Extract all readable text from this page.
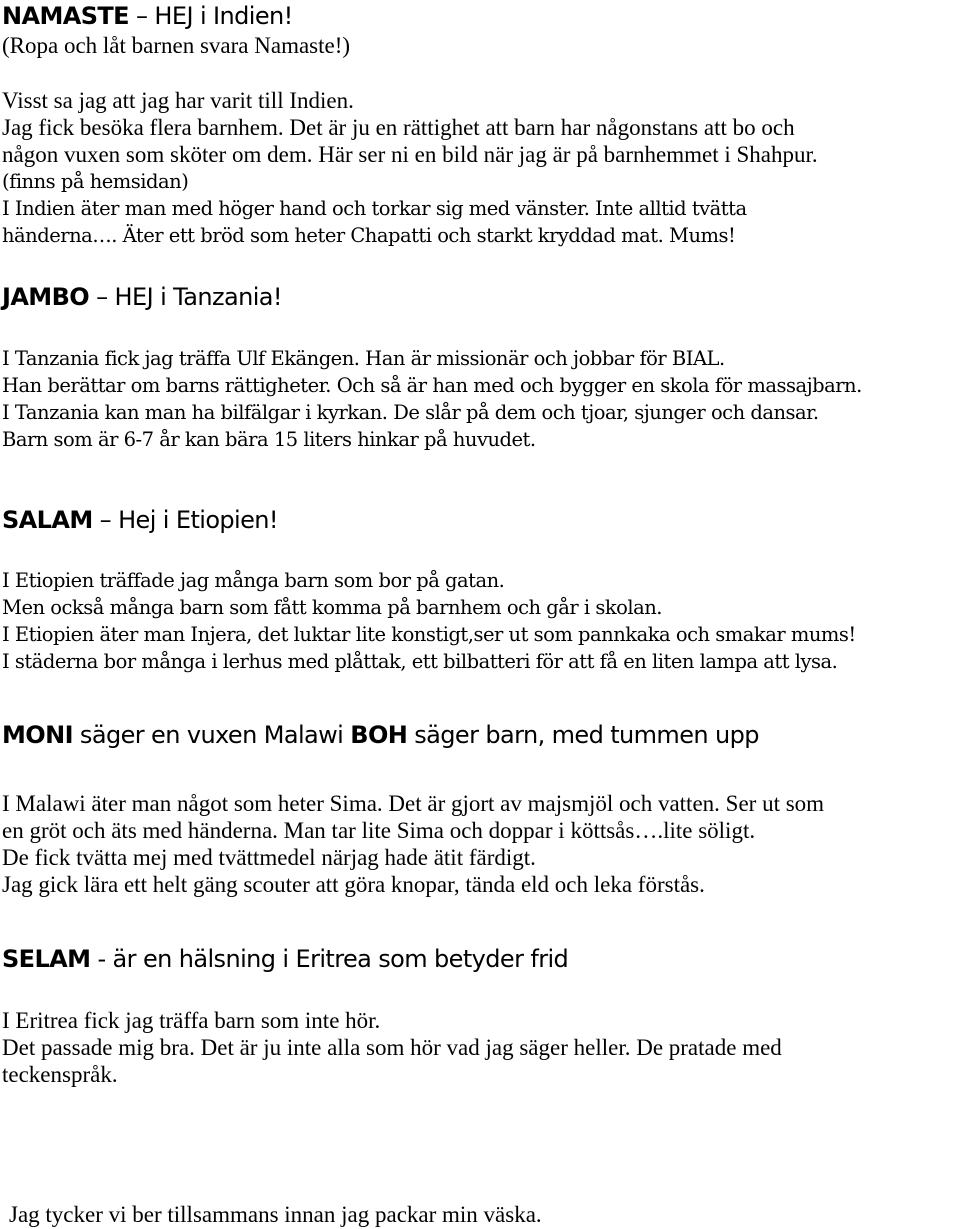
NAMASTE – HEJ i Indien!
(Ropa och låt barnen svara Namaste!)
Visst sa jag att jag har varit till Indien.
Jag fick besöka flera barnhem. Det är ju en rättighet att barn har någonstans att bo och
någon vuxen som sköter om dem. Här ser ni en bild när jag är på barnhemmet i Shahpur.
(finns på hemsidan)
I Indien äter man med höger hand och torkar sig med vänster. Inte alltid tvätta
händerna…. Äter ett bröd som heter Chapatti och starkt kryddad mat. Mums!
JAMBO – HEJ i Tanzania!
I Tanzania fick jag träffa Ulf Ekängen. Han är missionär och jobbar för BIAL.
Han berättar om barns rättigheter. Och så är han med och bygger en skola för massajbarn.
I Tanzania kan man ha bilfälgar i kyrkan. De slår på dem och tjoar, sjunger och dansar.
Barn som är 6-7 år kan bära 15 liters hinkar på huvudet.
SALAM – Hej i Etiopien!
I Etiopien träffade jag många barn som bor på gatan.
Men också många barn som fått komma på barnhem och går i skolan.
I Etiopien äter man Injera, det luktar lite konstigt,ser ut som pannkaka och smakar mums!
I städerna bor många i lerhus med plåttak, ett bilbatteri för att få en liten lampa att lysa.
MONI säger en vuxen Malawi BOH säger barn, med tummen upp
I Malawi äter man något som heter Sima. Det är gjort av majsmjöl och vatten. Ser ut som
en gröt och äts med händerna. Man tar lite Sima och doppar i köttsås….lite söligt.
De fick tvätta mej med tvättmedel närjag hade ätit färdigt.
Jag gick lära ett helt gäng scouter att göra knopar, tända eld och leka förstås.
SELAM - är en hälsning i Eritrea som betyder frid
I Eritrea fick jag träffa barn som inte hör.
Det passade mig bra. Det är ju inte alla som hör vad jag säger heller. De pratade med
teckenspråk.
Jag tycker vi ber tillsammans innan jag packar min väska.
